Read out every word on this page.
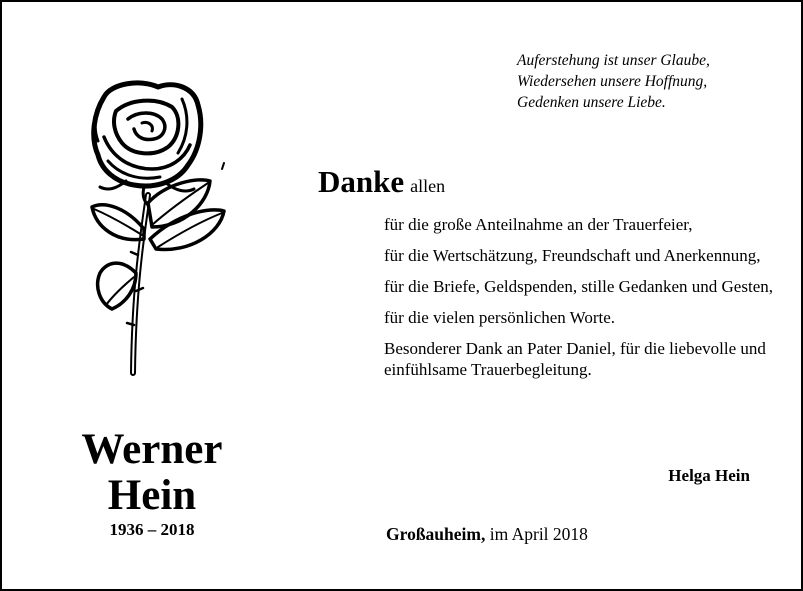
Auferstehung ist unser Glaube,
Wiedersehen unsere Hoffnung,
Gedenken unsere Liebe.
Danke allen
für die große Anteilnahme an der Trauerfeier,
für die Wertschätzung, Freundschaft und Anerkennung,
für die Briefe, Geldspenden, stille Gedanken und Gesten,
für die vielen persönlichen Worte.
Besonderer Dank an Pater Daniel, für die liebevolle und einfühlsame Trauerbegleitung.
Werner
Hein
1936 – 2018
Helga Hein
Großauheim, im April 2018
